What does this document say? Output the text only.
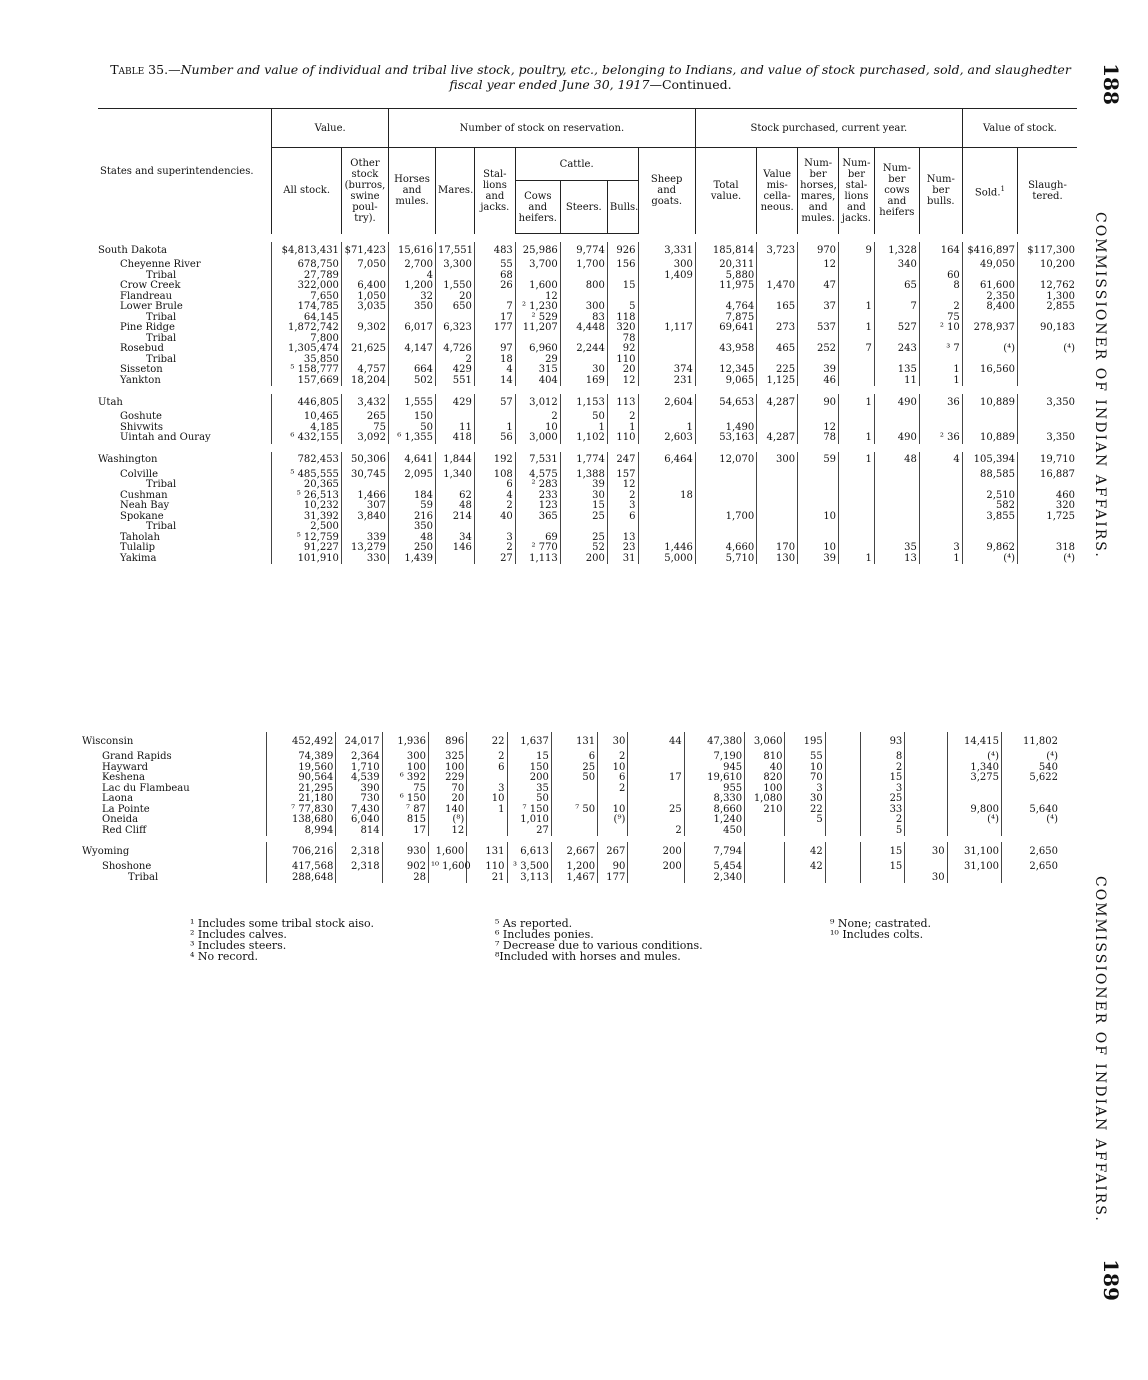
Table 35.—Number and value of individual and tribal live stock, poultry, etc., belonging to Indians, and value of stock purchased, sold, and slaughedter
fiscal year ended June 30, 1917—Continued.	188
189
COMMISSIONER OF INDIAN AFFAIRS.
COMMISSIONER OF INDIAN AFFAIRS.
States and superintendencies.	Value.		Number of stock on reservation.							Stock purchased, current year.						Value of stock.	
	All stock.	Other stock (burros, swine poul- try).	Horses and mules.	Mares.	Stal- lions and jacks.	Cattle.			Sheep and goats.	Total value.	Value mis- cella- neous.	Num- ber horses, mares, and mules.	Num- ber stal- lions and jacks.	Num- ber cows and heifers	Num- ber bulls.	Sold.$^1$	Slaugh- tered.
						Cows and heifers.	Steers.	Bulls.									

South Dakota	$4,813,431	$71,423	15,616	17,551	483	25,986	9,774	926	3,331	185,814	3,723	970	9	1,328	164	$416,897	$117,300
Cheyenne River	678,750	7,050	2,700	3,300	55	3,700	1,700	156	300	20,311		12		340		49,050	10,200
Tribal	27,789		4		68				1,409	5,880					60		
Crow Creek	322,000	6,400	1,200	1,550	26	1,600	800	15		11,975	1,470	47		65	8	61,600	12,762
Flandreau	7,650	1,050	32	20		12										2,350	1,300
Lower Brule	174,785	3,035	350	650	7	² 1,230	300	5		4,764	165	37	1	7	2	8,400	2,855
Tribal	64,145				17	² 529	83	118		7,875					75		
Pine Ridge	1,872,742	9,302	6,017	6,323	177	11,207	4,448	320	1,117	69,641	273	537	1	527	² 10	278,937	90,183
Tribal	7,800							78									
Rosebud	1,305,474	21,625	4,147	4,726	97	6,960	2,244	92		43,958	465	252	7	243	³ 7	(⁴)	(⁴)
Tribal	35,850			2	18	29		110									
Sisseton	⁵ 158,777	4,757	664	429	4	315	30	20	374	12,345	225	39		135	1	16,560	
Yankton	157,669	18,204	502	551	14	404	169	12	231	9,065	1,125	46		11	1		

Utah	446,805	3,432	1,555	429	57	3,012	1,153	113	2,604	54,653	4,287	90	1	490	36	10,889	3,350
Goshute	10,465	265	150			2	50	2									
Shivwits	4,185	75	50	11	1	10	1	1	1	1,490		12					
Uintah and Ouray	⁶ 432,155	3,092	⁶ 1,355	418	56	3,000	1,102	110	2,603	53,163	4,287	78	1	490	² 36	10,889	3,350

Washington	782,453	50,306	4,641	1,844	192	7,531	1,774	247	6,464	12,070	300	59	1	48	4	105,394	19,710
Colville	⁵ 485,555	30,745	2,095	1,340	108	4,575	1,388	157								88,585	16,887
Tribal	20,365				6	² 283	39	12									
Cushman	⁵ 26,513	1,466	184	62	4	233	30	2	18							2,510	460
Neah Bay	10,232	307	59	48	2	123	15	3								582	320
Spokane	31,392	3,840	216	214	40	365	25	6		1,700		10				3,855	1,725
Tribal	2,500		350														
Taholah	⁵ 12,759	339	48	34	3	69	25	13									
Tulalip	91,227	13,279	250	146	2	² 770	52	23	1,446	4,660	170	10		35	3	9,862	318
Yakima	101,910	330	1,439		27	1,113	200	31	5,000	5,710	130	39	1	13	1	(⁴)	(⁴)
Wisconsin	452,492	24,017	1,936	896	22	1,637	131	30	44	47,380	3,060	195		93		14,415	11,802
Grand Rapids	74,389	2,364	300	325	2	15	6	2		7,190	810	55		8		(⁴)	(⁴)
Hayward	19,560	1,710	100	100	6	150	25	10		945	40	10		2		1,340	540
Keshena	90,564	4,539	⁶ 392	229		200	50	6	17	19,610	820	70		15		3,275	5,622
Lac du Flambeau	21,295	390	75	70	3	35		2		955	100	3		3			
Laona	21,180	730	⁶ 150	20	10	50				8,330	1,080	30		25			
La Pointe	⁷ 77,830	7,430	⁷ 87	140	1	⁷ 150	⁷ 50	10	25	8,660	210	22		33		9,800	5,640
Oneida	138,680	6,040	815	(⁸)		1,010		(⁹)		1,240		5		2		(⁴)	(⁴)
Red Cliff	8,994	814	17	12		27			2	450				5			

Wyoming	706,216	2,318	930	1,600	131	6,613	2,667	267	200	7,794		42		15	30	31,100	2,650
Shoshone	417,568	2,318	902	¹⁰ 1,600	110	³ 3,500	1,200	90	200	5,454		42		15		31,100	2,650
Tribal	288,648		28		21	3,113	1,467	177		2,340					30		
¹ Includes some tribal stock aiso.
² Includes calves.
³ Includes steers.
⁴ No record.
⁵ As reported.
⁶ Includes ponies.
⁷ Decrease due to various conditions.
⁸Included with horses and mules.
⁹ None; castrated.
¹⁰ Includes colts.
